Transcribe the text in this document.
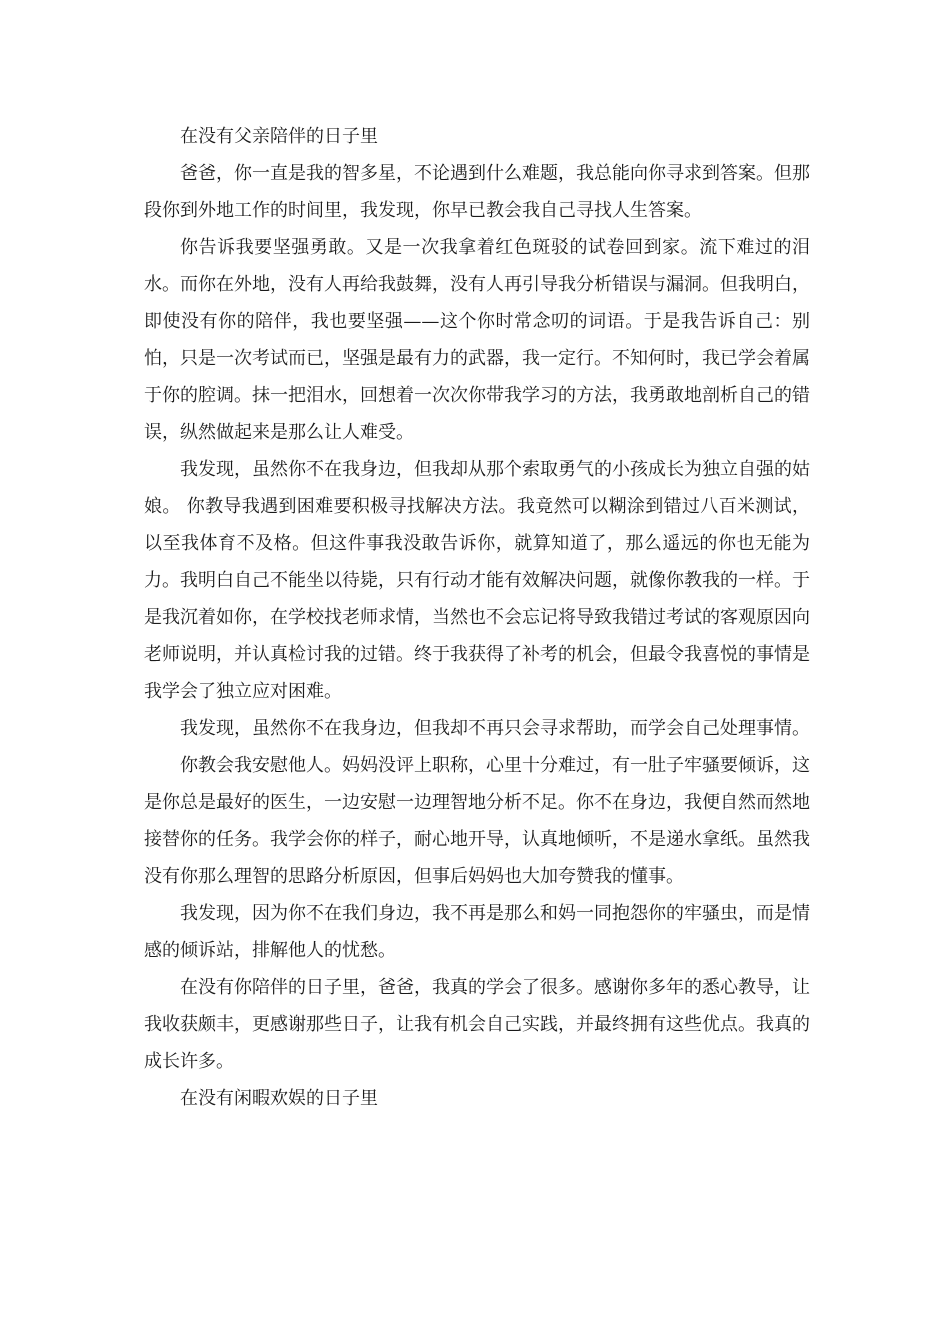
在没有父亲陪伴的日子里

爸爸，你一直是我的智多星，不论遇到什么难题，我总能向你寻求到答案。但那段你到外地工作的时间里，我发现，你早已教会我自己寻找人生答案。

你告诉我要坚强勇敢。又是一次我拿着红色斑驳的试卷回到家。流下难过的泪水。而你在外地，没有人再给我鼓舞，没有人再引导我分析错误与漏洞。但我明白，即使没有你的陪伴，我也要坚强——这个你时常念叨的词语。于是我告诉自己：别怕，只是一次考试而已，坚强是最有力的武器，我一定行。不知何时，我已学会着属于你的腔调。抹一把泪水，回想着一次次你带我学习的方法，我勇敢地剖析自己的错误，纵然做起来是那么让人难受。

我发现，虽然你不在我身边，但我却从那个索取勇气的小孩成长为独立自强的姑娘。 你教导我遇到困难要积极寻找解决方法。我竟然可以糊涂到错过八百米测试，以至我体育不及格。但这件事我没敢告诉你，就算知道了，那么遥远的你也无能为力。我明白自己不能坐以待毙，只有行动才能有效解决问题，就像你教我的一样。于是我沉着如你，在学校找老师求情，当然也不会忘记将导致我错过考试的客观原因向老师说明，并认真检讨我的过错。终于我获得了补考的机会，但最令我喜悦的事情是我学会了独立应对困难。

我发现，虽然你不在我身边，但我却不再只会寻求帮助，而学会自己处理事情。

你教会我安慰他人。妈妈没评上职称，心里十分难过，有一肚子牢骚要倾诉，这是你总是最好的医生，一边安慰一边理智地分析不足。你不在身边，我便自然而然地接替你的任务。我学会你的样子，耐心地开导，认真地倾听，不是递水拿纸。虽然我没有你那么理智的思路分析原因，但事后妈妈也大加夸赞我的懂事。

我发现，因为你不在我们身边，我不再是那么和妈一同抱怨你的牢骚虫，而是情感的倾诉站，排解他人的忧愁。

在没有你陪伴的日子里，爸爸，我真的学会了很多。感谢你多年的悉心教导，让我收获颇丰，更感谢那些日子，让我有机会自己实践，并最终拥有这些优点。我真的成长许多。

在没有闲暇欢娱的日子里
